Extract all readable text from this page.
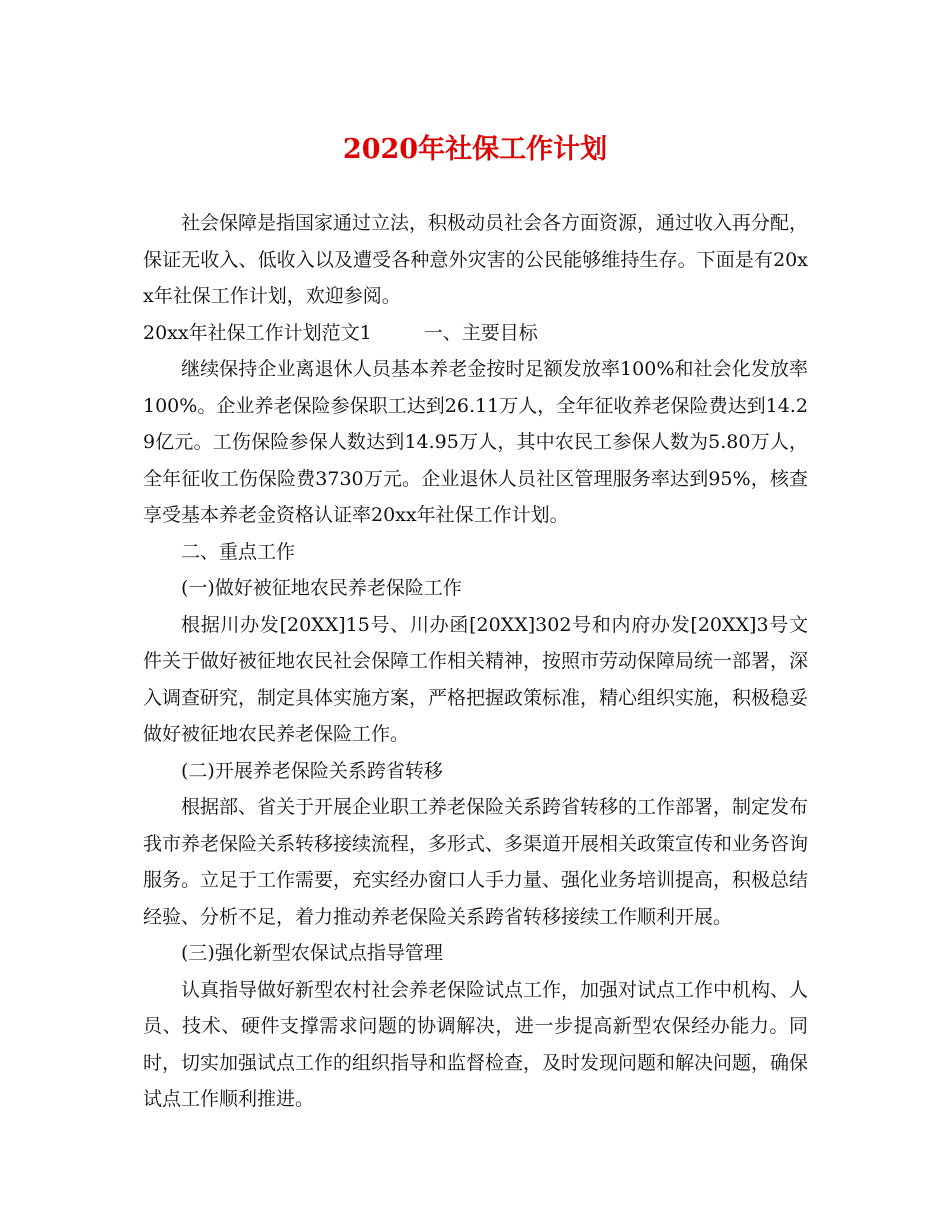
2020年社保工作计划

社会保障是指国家通过立法，积极动员社会各方面资源，通过收入再分配，保证无收入、低收入以及遭受各种意外灾害的公民能够维持生存。下面是有20xx年社保工作计划，欢迎参阅。

20xx年社保工作计划范文1	一、主要目标

继续保持企业离退休人员基本养老金按时足额发放率100%和社会化发放率100%。企业养老保险参保职工达到26.11万人，全年征收养老保险费达到14.29亿元。工伤保险参保人数达到14.95万人，其中农民工参保人数为5.80万人，全年征收工伤保险费3730万元。企业退休人员社区管理服务率达到95%，核查享受基本养老金资格认证率20xx年社保工作计划。

二、重点工作

(一)做好被征地农民养老保险工作

根据川办发[20XX]15号、川办函[20XX]302号和内府办发[20XX]3号文件关于做好被征地农民社会保障工作相关精神，按照市劳动保障局统一部署，深入调查研究，制定具体实施方案，严格把握政策标准，精心组织实施，积极稳妥做好被征地农民养老保险工作。

(二)开展养老保险关系跨省转移

根据部、省关于开展企业职工养老保险关系跨省转移的工作部署，制定发布我市养老保险关系转移接续流程，多形式、多渠道开展相关政策宣传和业务咨询服务。立足于工作需要，充实经办窗口人手力量、强化业务培训提高，积极总结经验、分析不足，着力推动养老保险关系跨省转移接续工作顺利开展。

(三)强化新型农保试点指导管理

认真指导做好新型农村社会养老保险试点工作，加强对试点工作中机构、人员、技术、硬件支撑需求问题的协调解决，进一步提高新型农保经办能力。同时，切实加强试点工作的组织指导和监督检查，及时发现问题和解决问题，确保试点工作顺利推进。
